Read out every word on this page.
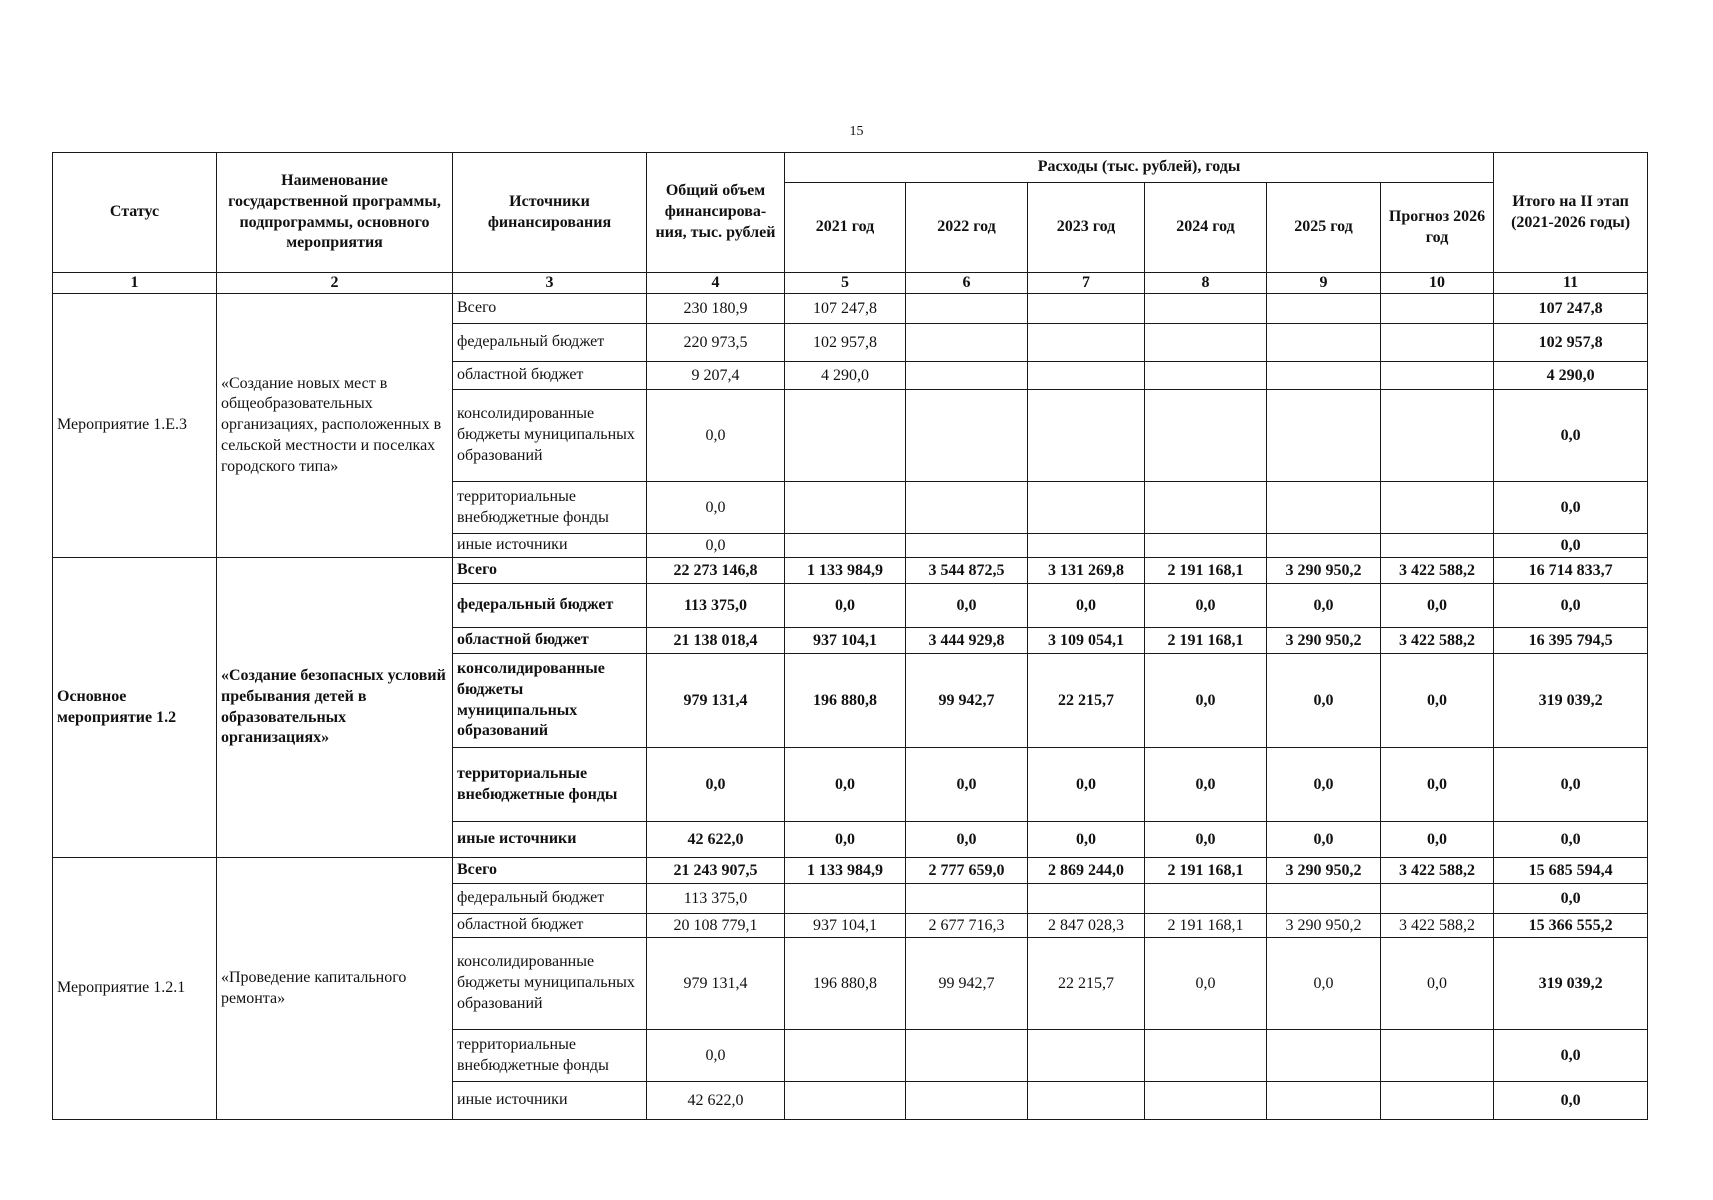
15
Статус	Наименование государственной программы, подпрограммы, основного мероприятия	Источники финансирования	Общий объем финансирова-ния, тыс. рублей	Расходы (тыс. рублей), годы						Итого на II этап (2021-2026 годы)
				2021 год	2022 год	2023 год	2024 год	2025 год	Прогноз 2026 год	
1	2	3	4	5	6	7	8	9	10	11
Мероприятие 1.Е.3	«Создание новых мест в общеобразовательных организациях, расположенных в сельской местности и поселках городского типа»	Всего	230 180,9	107 247,8						107 247,8
		федеральный бюджет	220 973,5	102 957,8						102 957,8
		областной бюджет	9 207,4	4 290,0						4 290,0
		консолидированные бюджеты муниципальных образований	0,0							0,0
		территориальные внебюджетные фонды	0,0							0,0
		иные источники	0,0							0,0
Основное мероприятие 1.2	«Создание безопасных условий пребывания детей в образовательных организациях»	Всего	22 273 146,8	1 133 984,9	3 544 872,5	3 131 269,8	2 191 168,1	3 290 950,2	3 422 588,2	16 714 833,7
		федеральный бюджет	113 375,0	0,0	0,0	0,0	0,0	0,0	0,0	0,0
		областной бюджет	21 138 018,4	937 104,1	3 444 929,8	3 109 054,1	2 191 168,1	3 290 950,2	3 422 588,2	16 395 794,5
		консолидированные бюджеты муниципальных образований	979 131,4	196 880,8	99 942,7	22 215,7	0,0	0,0	0,0	319 039,2
		территориальные внебюджетные фонды	0,0	0,0	0,0	0,0	0,0	0,0	0,0	0,0
		иные источники	42 622,0	0,0	0,0	0,0	0,0	0,0	0,0	0,0
Мероприятие 1.2.1	«Проведение капитального ремонта»	Всего	21 243 907,5	1 133 984,9	2 777 659,0	2 869 244,0	2 191 168,1	3 290 950,2	3 422 588,2	15 685 594,4
		федеральный бюджет	113 375,0							0,0
		областной бюджет	20 108 779,1	937 104,1	2 677 716,3	2 847 028,3	2 191 168,1	3 290 950,2	3 422 588,2	15 366 555,2
		консолидированные бюджеты муниципальных образований	979 131,4	196 880,8	99 942,7	22 215,7	0,0	0,0	0,0	319 039,2
		территориальные внебюджетные фонды	0,0							0,0
		иные источники	42 622,0							0,0
